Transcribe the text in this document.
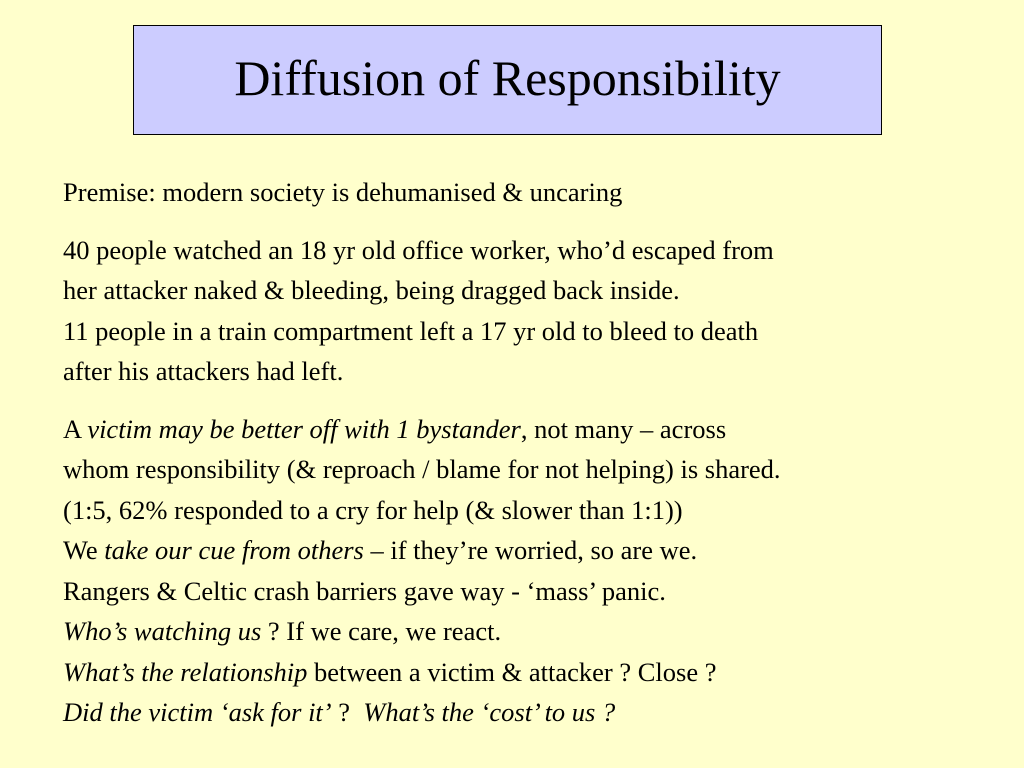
Diffusion of Responsibility

Premise: modern society is dehumanised & uncaring

40 people watched an 18 yr old office worker, who’d escaped from
her attacker naked & bleeding, being dragged back inside.
11 people in a train compartment left a 17 yr old to bleed to death
after his attackers had left.

A victim may be better off with 1 bystander, not many – across
whom responsibility (& reproach / blame for not helping) is shared.
(1:5, 62% responded to a cry for help (& slower than 1:1))
We take our cue from others – if they’re worried, so are we.
Rangers & Celtic crash barriers gave way - ‘mass’ panic.
Who’s watching us ? If we care, we react.
What’s the relationship between a victim & attacker ? Close ?
Did the victim ‘ask for it’ ?  What’s the ‘cost’ to us ?
